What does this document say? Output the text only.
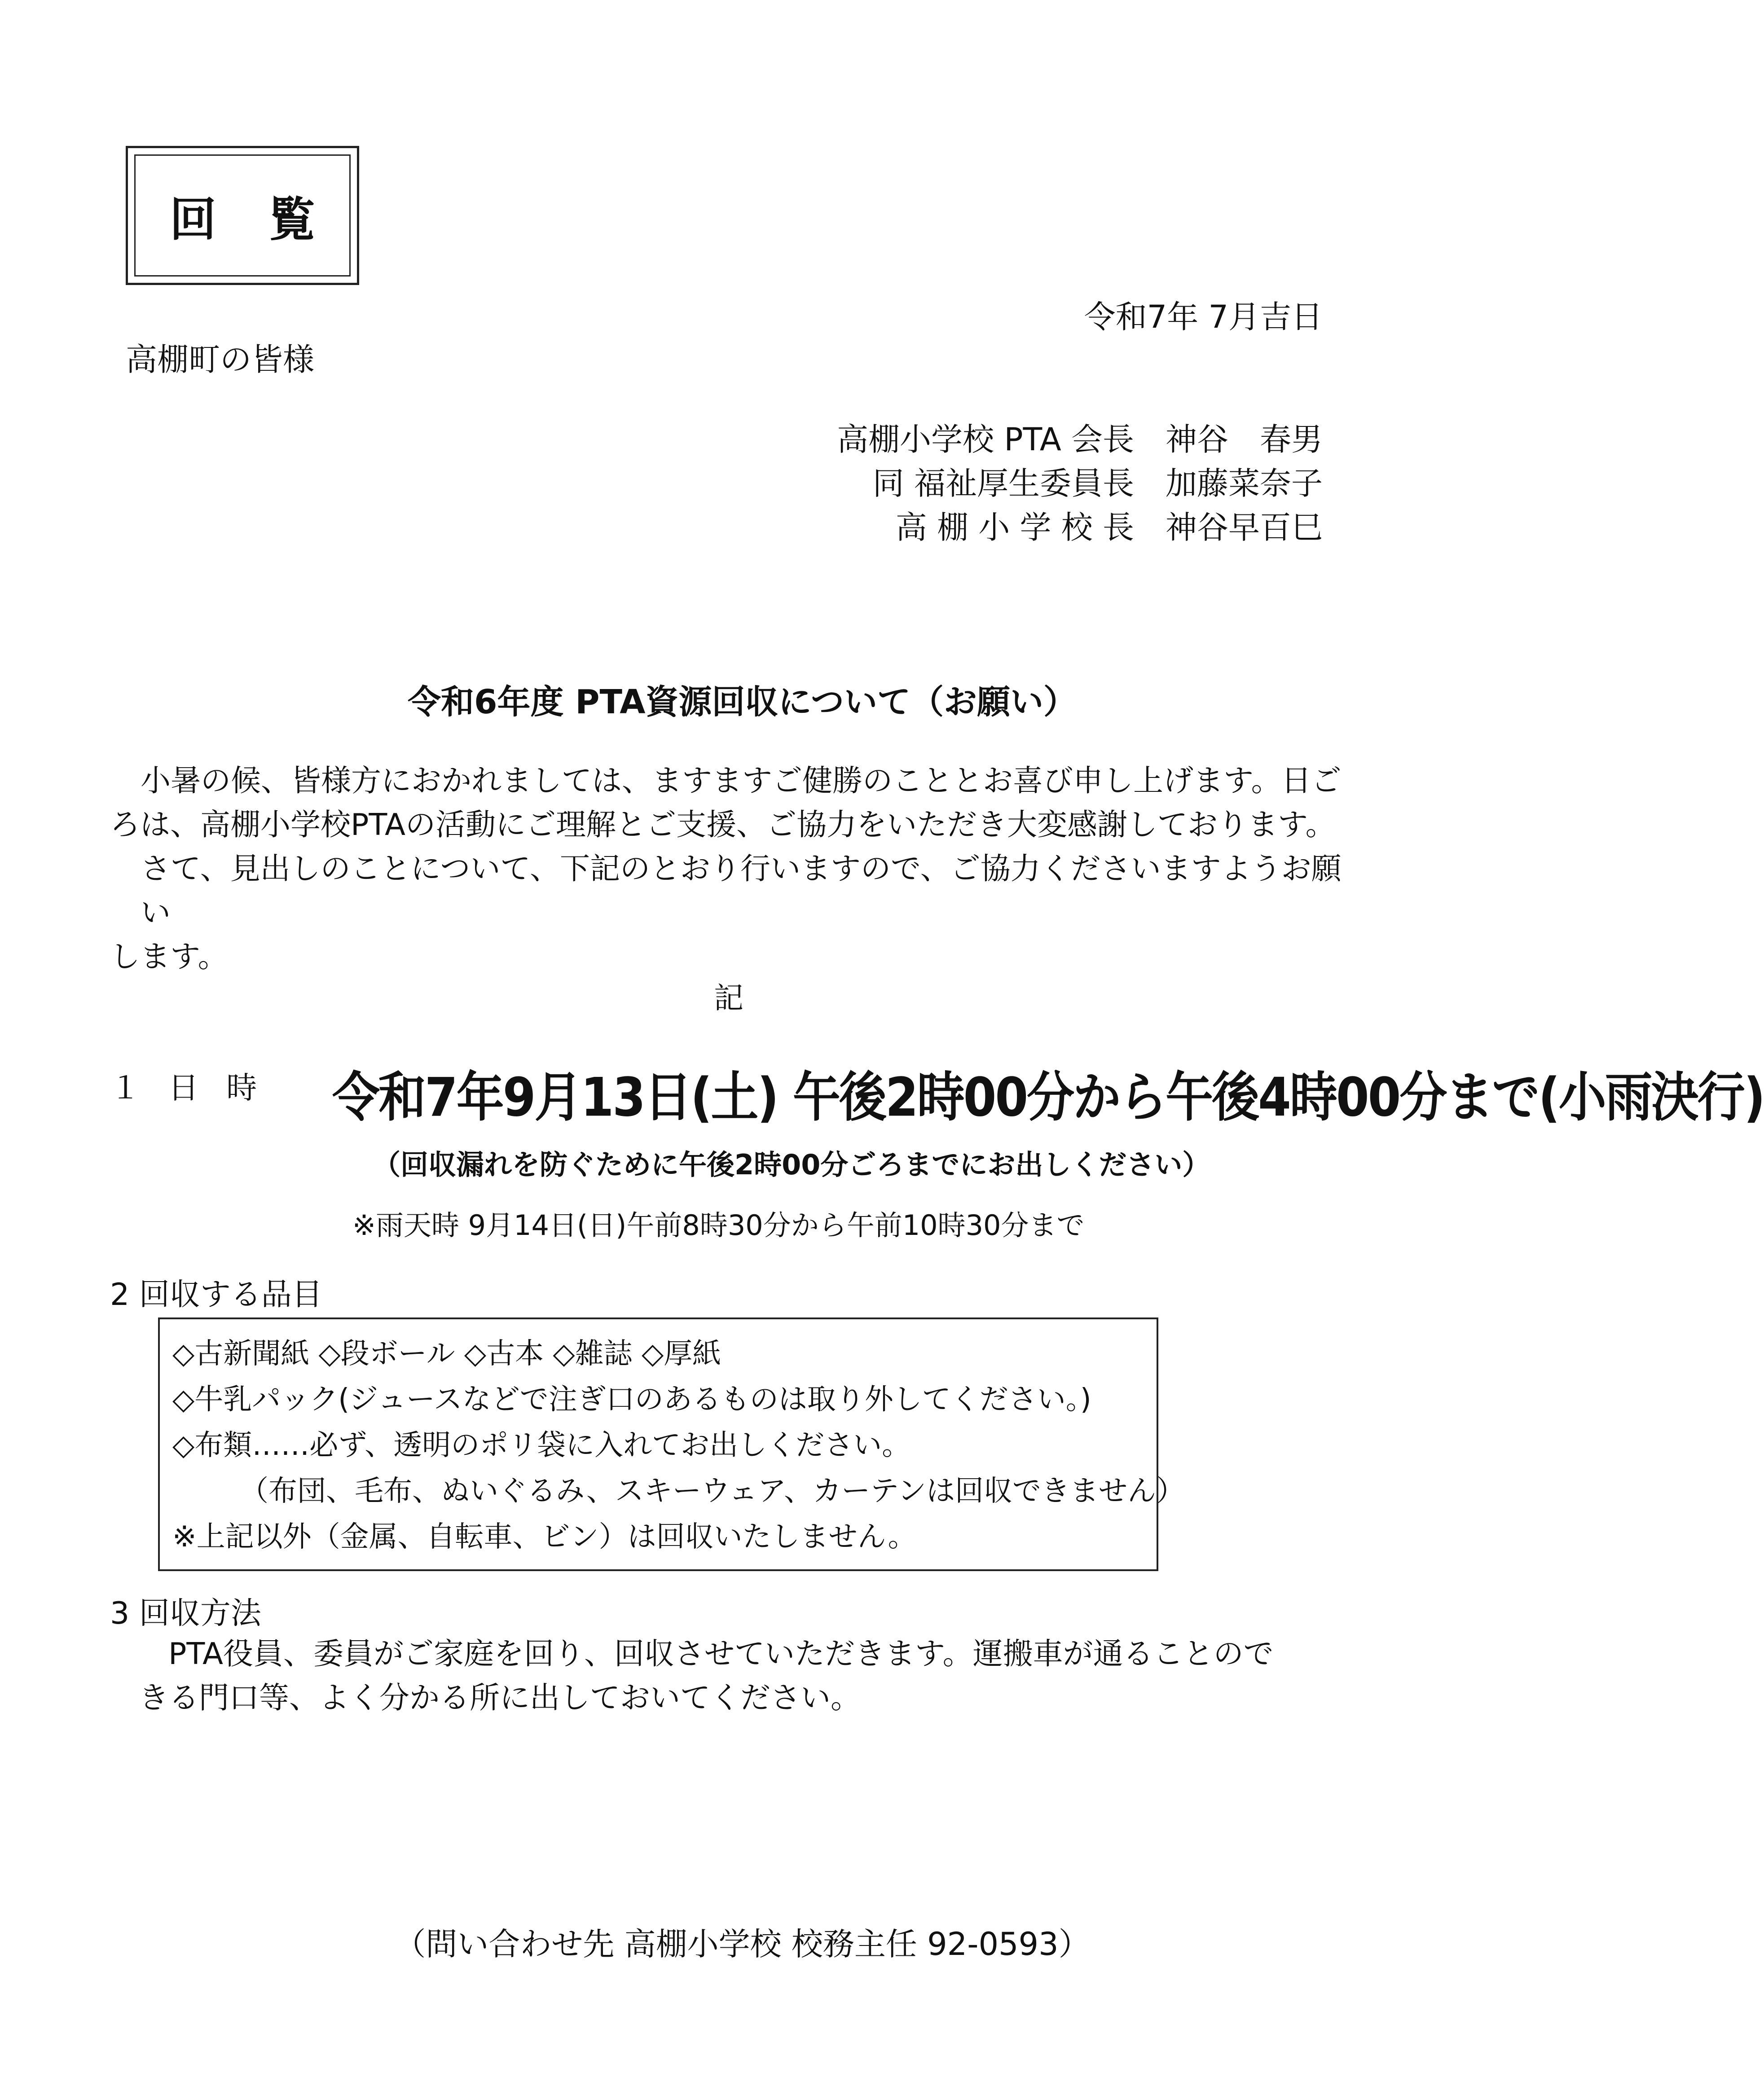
回 覧
令和7年 7月吉日
高棚町の皆様
高棚小学校 PTA 会長　神谷　春男
同 福祉厚生委員長　加藤菜奈子
高 棚 小 学 校 長　神谷早百巳
令和6年度 PTA資源回収について（お願い）
小暑の候、皆様方におかれましては、ますますご健勝のこととお喜び申し上げます。日ご
ろは、高棚小学校PTAの活動にご理解とご支援、ご協力をいただき大変感謝しております。
さて、見出しのことについて、下記のとおり行いますので、ご協力くださいますようお願い
します。
記
１ 日 時 令和7年9月13日(土) 午後2時00分から午後4時00分まで(小雨決行)
（回収漏れを防ぐために午後2時00分ごろまでにお出しください）
※雨天時 9月14日(日)午前8時30分から午前10時30分まで
2 回収する品目
◇古新聞紙 ◇段ボール ◇古本 ◇雑誌 ◇厚紙
◇牛乳パック(ジュースなどで注ぎ口のあるものは取り外してください。)
◇布類……必ず、透明のポリ袋に入れてお出しください。
（布団、毛布、ぬいぐるみ、スキーウェア、カーテンは回収できません）
※上記以外（金属、自転車、ビン）は回収いたしません。
3 回収方法
PTA役員、委員がご家庭を回り、回収させていただきます。運搬車が通ることので
きる門口等、よく分かる所に出しておいてください。
（問い合わせ先 高棚小学校 校務主任 92-0593）
